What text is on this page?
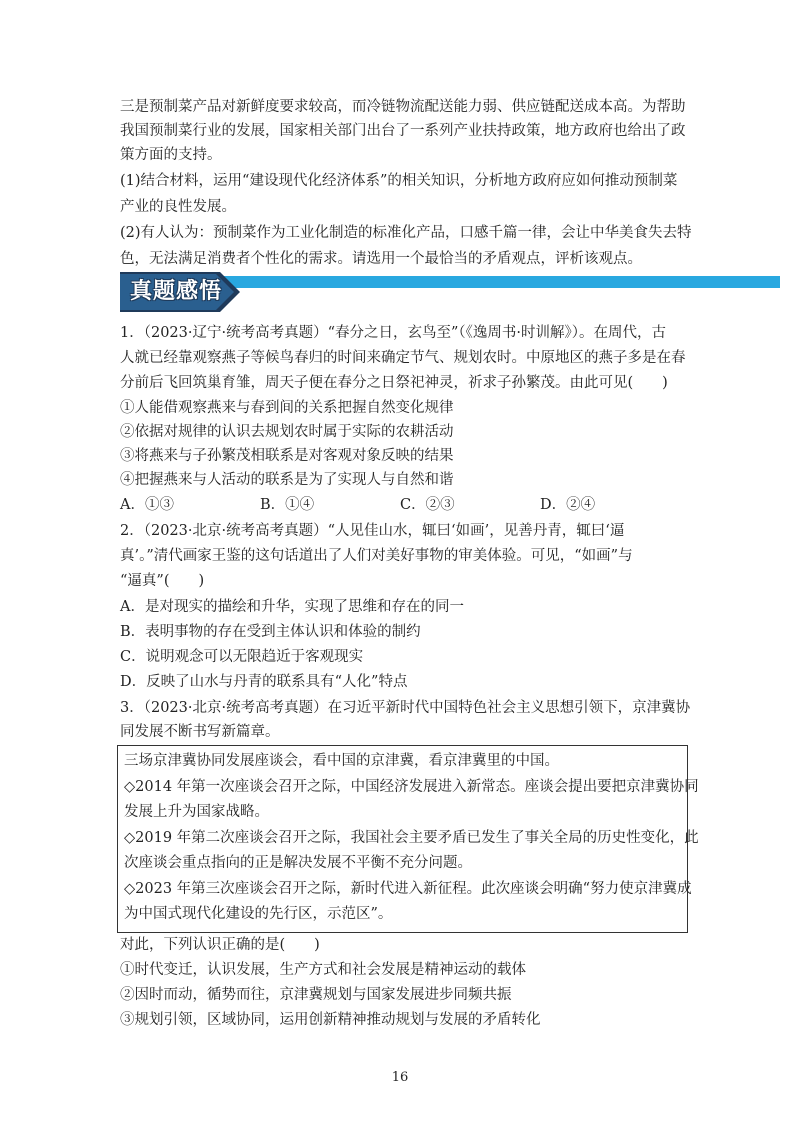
三是预制菜产品对新鲜度要求较高，而冷链物流配送能力弱、供应链配送成本高。为帮助
我国预制菜行业的发展，国家相关部门出台了一系列产业扶持政策，地方政府也给出了政
策方面的支持。
(1)结合材料，运用“建设现代化经济体系”的相关知识，分析地方政府应如何推动预制菜
产业的良性发展。
(2)有人认为：预制菜作为工业化制造的标准化产品，口感千篇一律，会让中华美食失去特
色，无法满足消费者个性化的需求。请选用一个最恰当的矛盾观点，评析该观点。
真题感悟
1．（2023·辽宁·统考高考真题）“春分之日，玄鸟至”（《逸周书·时训解》）。在周代，古
人就已经靠观察燕子等候鸟春归的时间来确定节气、规划农时。中原地区的燕子多是在春
分前后飞回筑巢育雏，周天子便在春分之日祭祀神灵，祈求子孙繁茂。由此可见(　　)
①人能借观察燕来与春到间的关系把握自然变化规律
②依据对规律的认识去规划农时属于实际的农耕活动
③将燕来与子孙繁茂相联系是对客观对象反映的结果
④把握燕来与人活动的联系是为了实现人与自然和谐
A．①③	B．①④	C．②③	D．②④
2．（2023·北京·统考高考真题）“人见佳山水，辄曰‘如画’，见善丹青，辄曰‘逼
真’。”清代画家王鉴的这句话道出了人们对美好事物的审美体验。可见，“如画”与
“逼真”(　　)
A．是对现实的描绘和升华，实现了思维和存在的同一
B．表明事物的存在受到主体认识和体验的制约
C．说明观念可以无限趋近于客观现实
D．反映了山水与丹青的联系具有“人化”特点
3．（2023·北京·统考高考真题）在习近平新时代中国特色社会主义思想引领下，京津冀协
同发展不断书写新篇章。
三场京津冀协同发展座谈会，看中国的京津冀，看京津冀里的中国。
◇2014 年第一次座谈会召开之际，中国经济发展进入新常态。座谈会提出要把京津冀协同
发展上升为国家战略。
◇2019 年第二次座谈会召开之际，我国社会主要矛盾已发生了事关全局的历史性变化，此
次座谈会重点指向的正是解决发展不平衡不充分问题。
◇2023 年第三次座谈会召开之际，新时代进入新征程。此次座谈会明确“努力使京津冀成
为中国式现代化建设的先行区，示范区”。
对此，下列认识正确的是(　　)
①时代变迁，认识发展，生产方式和社会发展是精神运动的载体
②因时而动，循势而往，京津冀规划与国家发展进步同频共振
③规划引领，区域协同，运用创新精神推动规划与发展的矛盾转化
16
